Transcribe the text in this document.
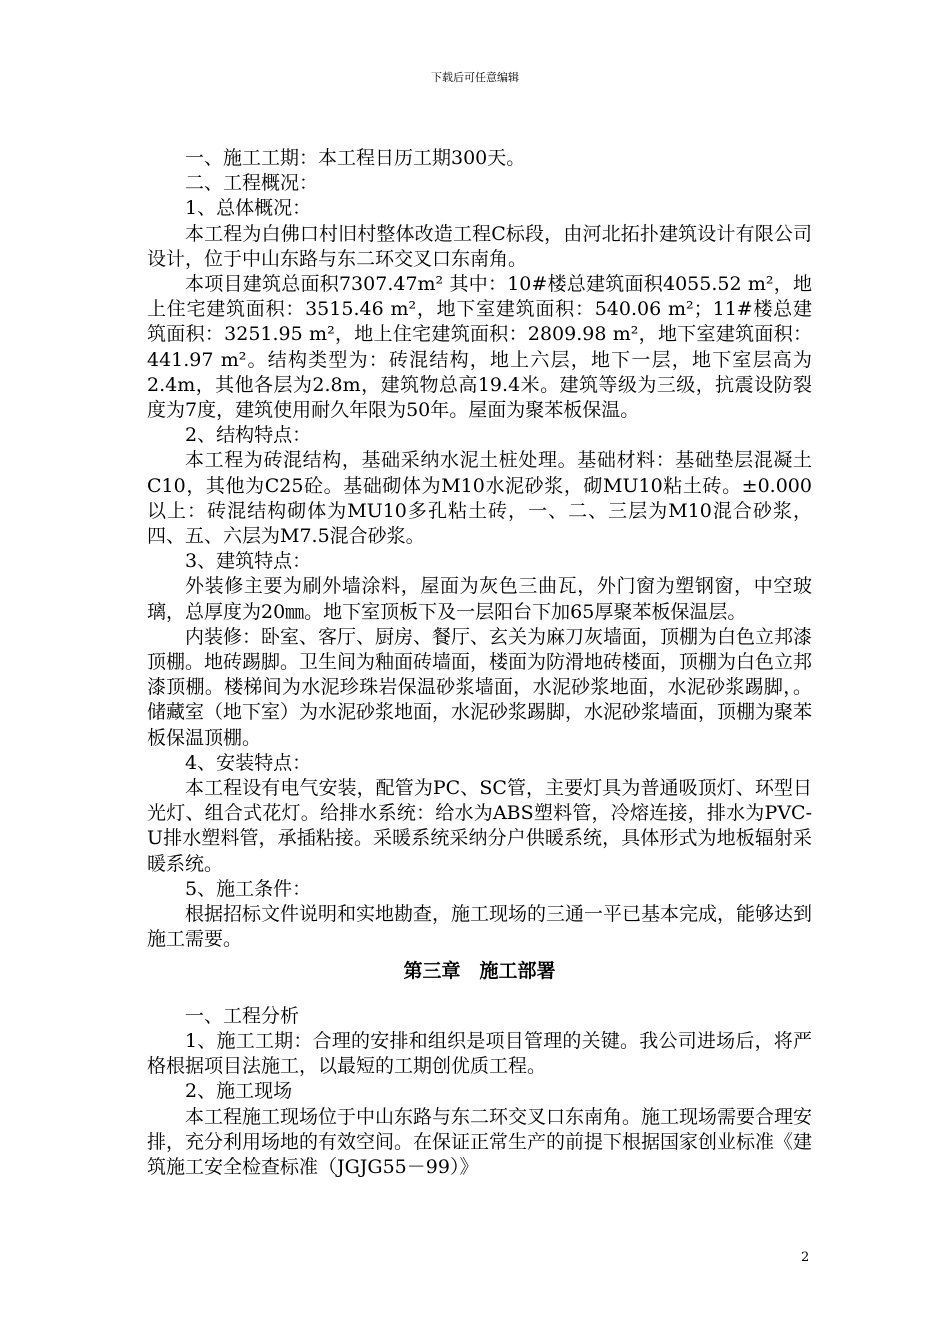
下载后可任意编辑

一、施工工期：本工程日历工期300天。

二、工程概况：

1、总体概况：

本工程为白佛口村旧村整体改造工程C标段，由河北拓扑建筑设计有限公司设计，位于中山东路与东二环交叉口东南角。

本项目建筑总面积7307.47m² 其中：10#楼总建筑面积4055.52 m²，地上住宅建筑面积：3515.46 m²，地下室建筑面积：540.06 m²；11#楼总建筑面积：3251.95 m²，地上住宅建筑面积：2809.98 m²，地下室建筑面积：441.97 m²。结构类型为：砖混结构，地上六层，地下一层，地下室层高为2.4m，其他各层为2.8m，建筑物总高19.4米。建筑等级为三级，抗震设防裂度为7度，建筑使用耐久年限为50年。屋面为聚苯板保温。

2、结构特点：

本工程为砖混结构，基础采纳水泥土桩处理。基础材料：基础垫层混凝土C10，其他为C25砼。基础砌体为M10水泥砂浆，砌MU10粘土砖。±0.000以上：砖混结构砌体为MU10多孔粘土砖，一、二、三层为M10混合砂浆，四、五、六层为M7.5混合砂浆。

3、建筑特点：

外装修主要为刷外墙涂料，屋面为灰色三曲瓦，外门窗为塑钢窗，中空玻璃，总厚度为20㎜。地下室顶板下及一层阳台下加65厚聚苯板保温层。

内装修：卧室、客厅、厨房、餐厅、玄关为麻刀灰墙面，顶棚为白色立邦漆顶棚。地砖踢脚。卫生间为釉面砖墙面，楼面为防滑地砖楼面，顶棚为白色立邦漆顶棚。楼梯间为水泥珍珠岩保温砂浆墙面，水泥砂浆地面，水泥砂浆踢脚，。储藏室（地下室）为水泥砂浆地面，水泥砂浆踢脚，水泥砂浆墙面，顶棚为聚苯板保温顶棚。

4、安装特点：

本工程设有电气安装，配管为PC、SC管，主要灯具为普通吸顶灯、环型日光灯、组合式花灯。给排水系统：给水为ABS塑料管，冷熔连接，排水为PVC-U排水塑料管，承插粘接。采暖系统采纳分户供暖系统，具体形式为地板辐射采暖系统。

5、施工条件：

根据招标文件说明和实地勘查，施工现场的三通一平已基本完成，能够达到施工需要。

第三章　施工部署

一、工程分析

1、施工工期：合理的安排和组织是项目管理的关键。我公司进场后，将严格根据项目法施工，以最短的工期创优质工程。

2、施工现场

本工程施工现场位于中山东路与东二环交叉口东南角。施工现场需要合理安排，充分利用场地的有效空间。在保证正常生产的前提下根据国家创业标准《建筑施工安全检查标准（JGJG55－99）》

2
